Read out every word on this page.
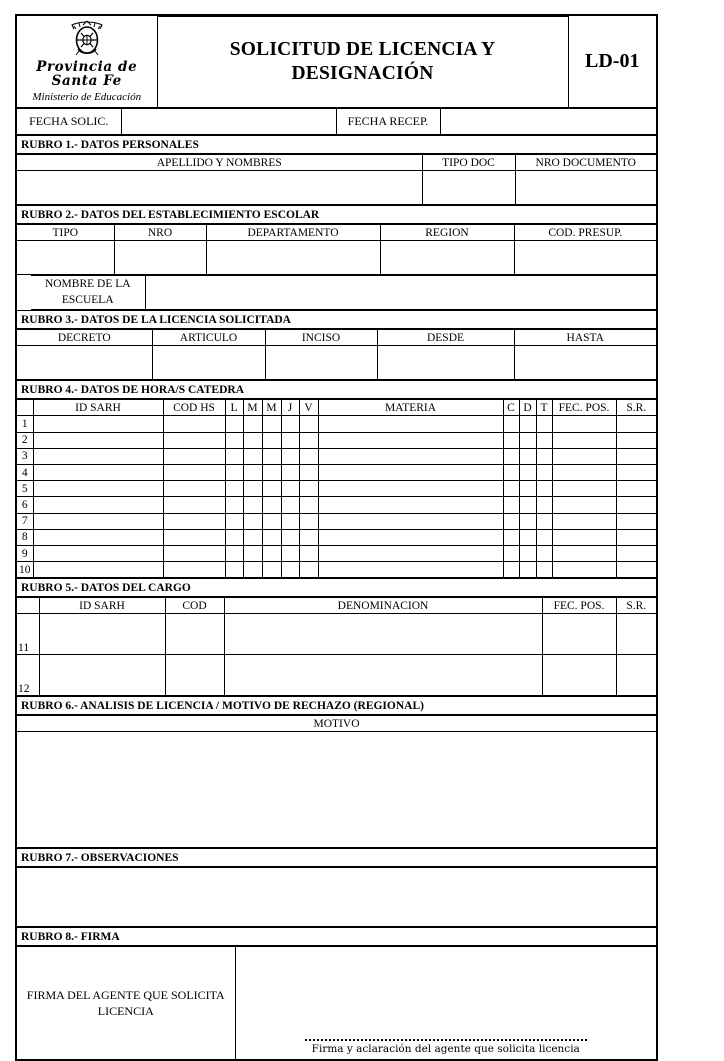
Provincia de Santa Fe
Ministerio de Educación

SOLICITUD DE LICENCIA Y
DESIGNACIÓN
	LD-01
FECHA SOLIC.		FECHA RECEP.	
RUBRO 1.- DATOS PERSONALES
APELLIDO Y NOMBRES	TIPO DOC	NRO DOCUMENTO

RUBRO 2.- DATOS DEL ESTABLECIMIENTO ESCOLAR
TIPO	NRO	DEPARTAMENTO	REGION	COD. PRESUP.

	NOMBRE DE LA ESCUELA	
RUBRO 3.- DATOS DE LA LICENCIA SOLICITADA
DECRETO	ARTICULO	INCISO	DESDE	HASTA

RUBRO 4.- DATOS DE HORA/S CATEDRA
	ID SARH	COD HS	L	M	M	J	V	MATERIA	C	D	T	FEC. POS.	S.R.
1													
2													
3													
4													
5													
6													
7													
8													
9													
10													
RUBRO 5.- DATOS DEL CARGO
	ID SARH	COD	DENOMINACION	FEC. POS.	S.R.
11					
12					
RUBRO 6.- ANALISIS DE LICENCIA / MOTIVO DE RECHAZO (REGIONAL)
MOTIVO

RUBRO 7.- OBSERVACIONES
RUBRO 8.- FIRMA
FIRMA DEL AGENTE QUE SOLICITA LICENCIA	
Firma y aclaración del agente que solicita licencia
